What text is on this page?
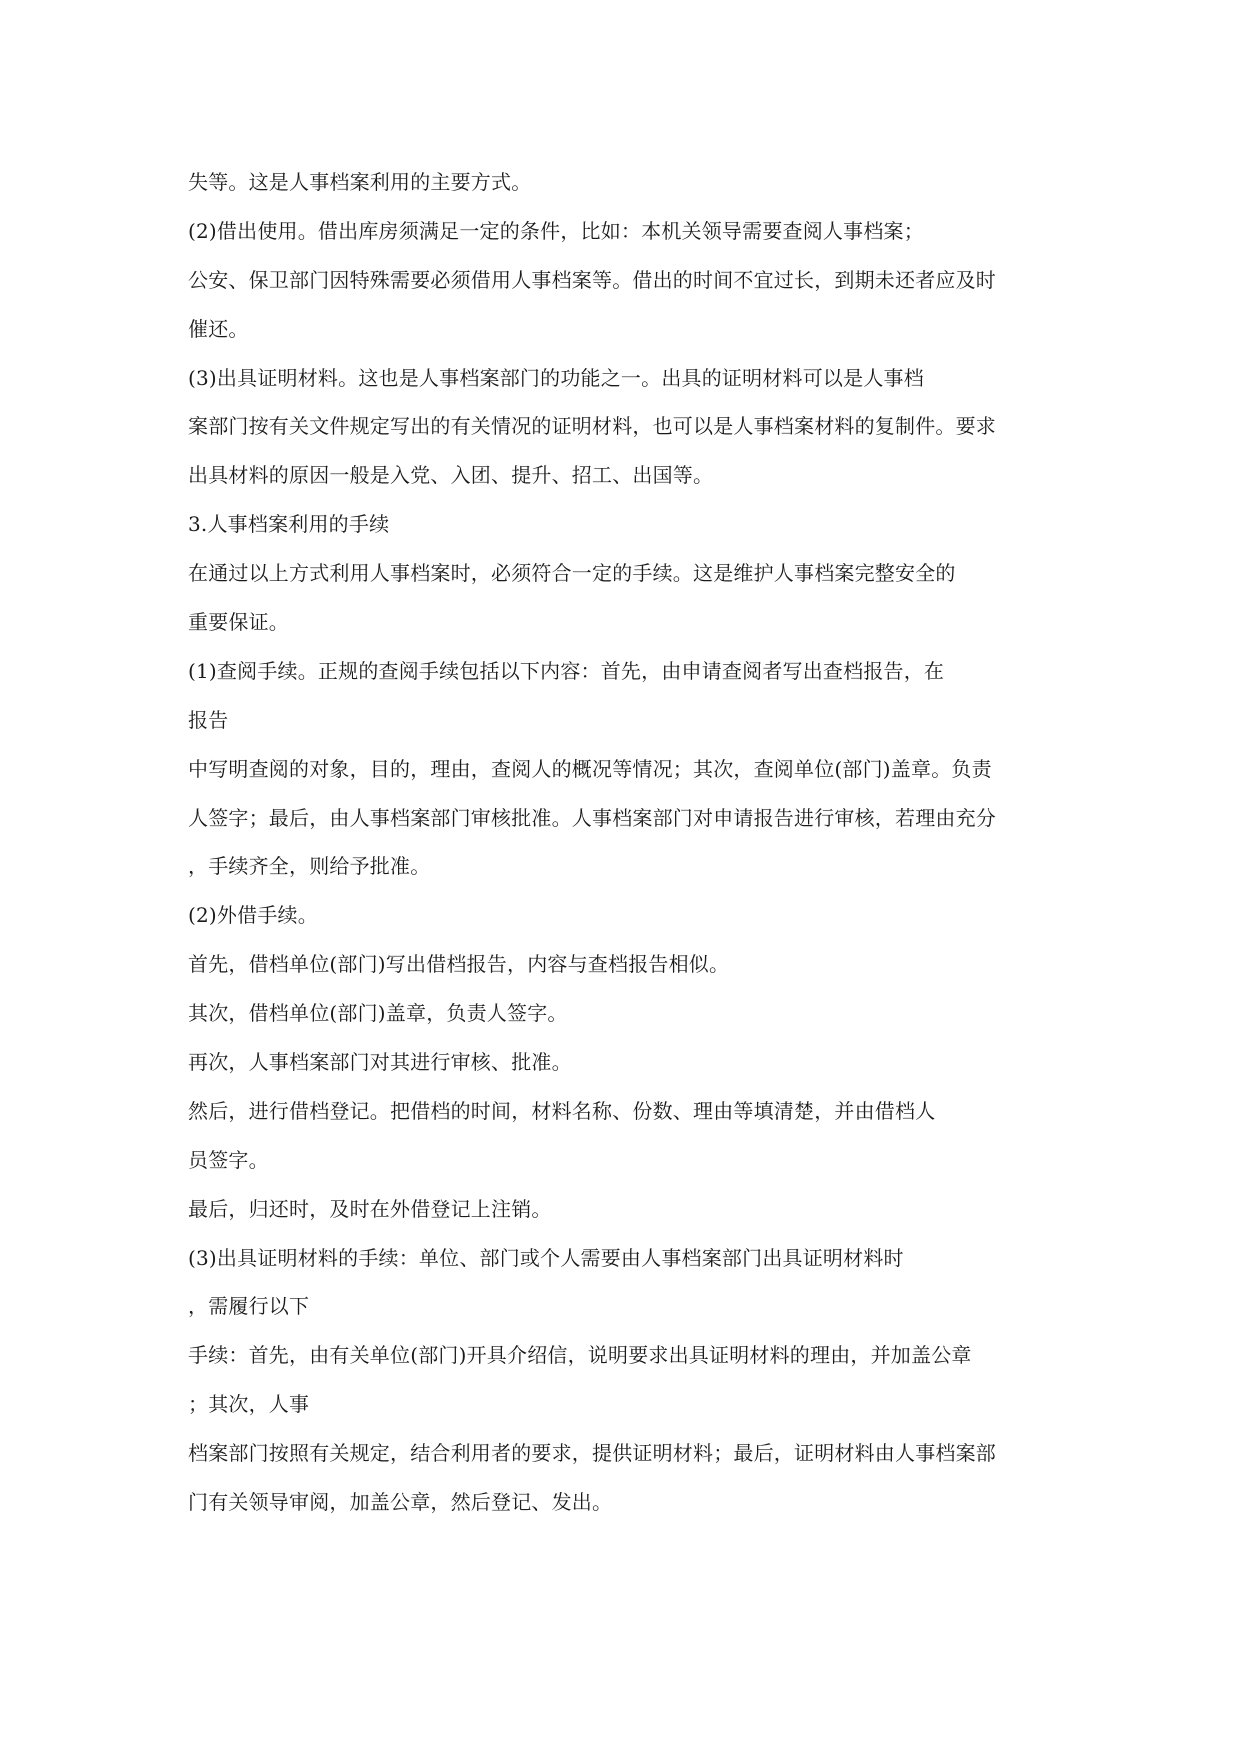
失等。这是人事档案利用的主要方式。
(2)借出使用。借出库房须满足一定的条件，比如：本机关领导需要查阅人事档案；
公安、保卫部门因特殊需要必须借用人事档案等。借出的时间不宜过长，到期未还者应及时
催还。
(3)出具证明材料。这也是人事档案部门的功能之一。出具的证明材料可以是人事档
案部门按有关文件规定写出的有关情况的证明材料，也可以是人事档案材料的复制件。要求
出具材料的原因一般是入党、入团、提升、招工、出国等。
3.人事档案利用的手续
在通过以上方式利用人事档案时，必须符合一定的手续。这是维护人事档案完整安全的
重要保证。
(1)查阅手续。正规的查阅手续包括以下内容：首先，由申请查阅者写出查档报告，在
报告
中写明查阅的对象，目的，理由，查阅人的概况等情况；其次，查阅单位(部门)盖章。负责
人签字；最后，由人事档案部门审核批准。人事档案部门对申请报告进行审核，若理由充分
，手续齐全，则给予批准。
(2)外借手续。
首先，借档单位(部门)写出借档报告，内容与查档报告相似。
其次，借档单位(部门)盖章，负责人签字。
再次，人事档案部门对其进行审核、批准。
然后，进行借档登记。把借档的时间，材料名称、份数、理由等填清楚，并由借档人
员签字。
最后，归还时，及时在外借登记上注销。
(3)出具证明材料的手续：单位、部门或个人需要由人事档案部门出具证明材料时
，需履行以下
手续：首先，由有关单位(部门)开具介绍信，说明要求出具证明材料的理由，并加盖公章
；其次，人事
档案部门按照有关规定，结合利用者的要求，提供证明材料；最后，证明材料由人事档案部
门有关领导审阅，加盖公章，然后登记、发出。
